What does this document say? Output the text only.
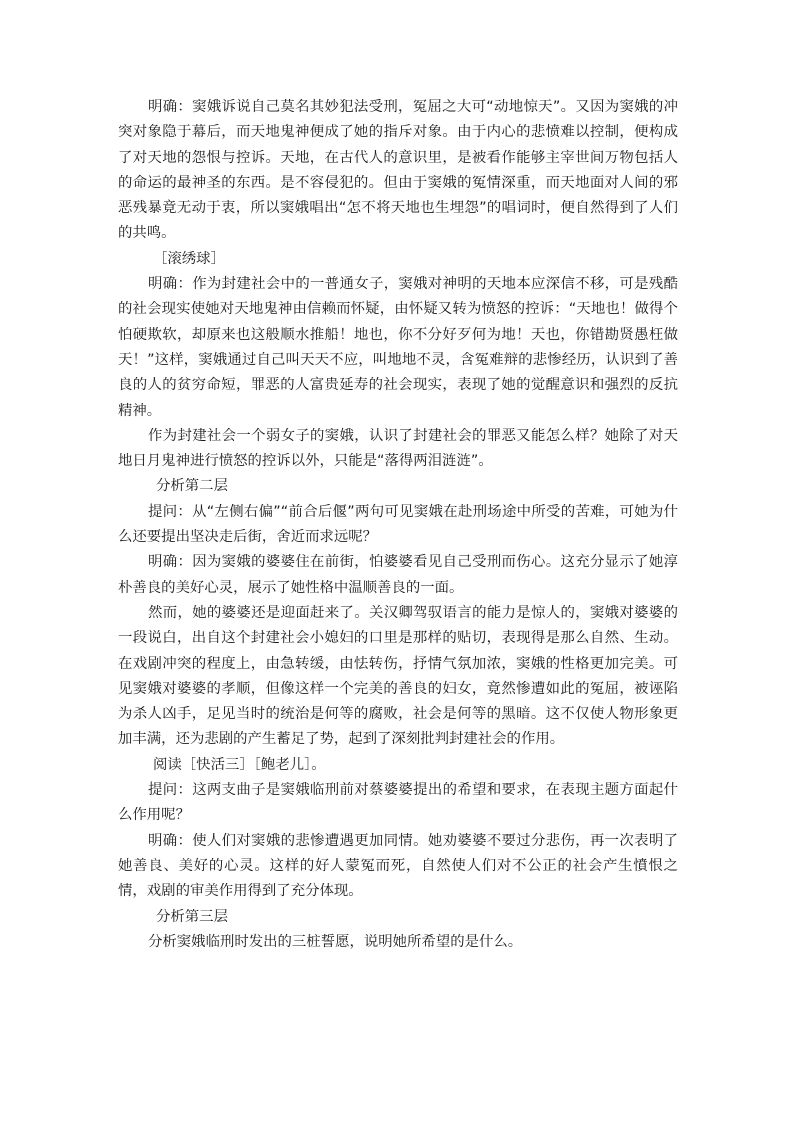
明确：窦娥诉说自己莫名其妙犯法受刑，冤屈之大可“动地惊天”。又因为窦娥的冲突对象隐于幕后，而天地鬼神便成了她的指斥对象。由于内心的悲愤难以控制，便构成了对天地的怨恨与控诉。天地，在古代人的意识里，是被看作能够主宰世间万物包括人的命运的最神圣的东西。是不容侵犯的。但由于窦娥的冤情深重，而天地面对人间的邪恶残暴竟无动于衷，所以窦娥唱出“怎不将天地也生埋怨”的唱词时，便自然得到了人们的共鸣。

［滚绣球］

明确：作为封建社会中的一普通女子，窦娥对神明的天地本应深信不移，可是残酷的社会现实使她对天地鬼神由信赖而怀疑，由怀疑又转为愤怒的控诉：“天地也！做得个怕硬欺软，却原来也这般顺水推船！地也，你不分好歹何为地！天也，你错勘贤愚枉做天！”这样，窦娥通过自己叫天天不应，叫地地不灵，含冤难辩的悲惨经历，认识到了善良的人的贫穷命短，罪恶的人富贵延寿的社会现实，表现了她的觉醒意识和强烈的反抗精神。

作为封建社会一个弱女子的窦娥，认识了封建社会的罪恶又能怎么样？她除了对天地日月鬼神进行愤怒的控诉以外，只能是“落得两泪涟涟”。

分析第二层

提问：从“左侧右偏”“前合后偃”两句可见窦娥在赴刑场途中所受的苦难，可她为什么还要提出坚决走后街，舍近而求远呢？

明确：因为窦娥的婆婆住在前街，怕婆婆看见自己受刑而伤心。这充分显示了她淳朴善良的美好心灵，展示了她性格中温顺善良的一面。

然而，她的婆婆还是迎面赶来了。关汉卿驾驭语言的能力是惊人的，窦娥对婆婆的一段说白，出自这个封建社会小媳妇的口里是那样的贴切，表现得是那么自然、生动。在戏剧冲突的程度上，由急转缓，由怯转伤，抒情气氛加浓，窦娥的性格更加完美。可见窦娥对婆婆的孝顺，但像这样一个完美的善良的妇女，竟然惨遭如此的冤屈，被诬陷为杀人凶手，足见当时的统治是何等的腐败，社会是何等的黑暗。这不仅使人物形象更加丰满，还为悲剧的产生蓄足了势，起到了深刻批判封建社会的作用。

阅读［快活三］［鲍老儿］。

提问：这两支曲子是窦娥临刑前对蔡婆婆提出的希望和要求，在表现主题方面起什么作用呢？

明确：使人们对窦娥的悲惨遭遇更加同情。她劝婆婆不要过分悲伤，再一次表明了她善良、美好的心灵。这样的好人蒙冤而死，自然使人们对不公正的社会产生憤恨之情，戏剧的审美作用得到了充分体现。

分析第三层

分析窦娥临刑时发出的三桩誓愿，说明她所希望的是什么。
